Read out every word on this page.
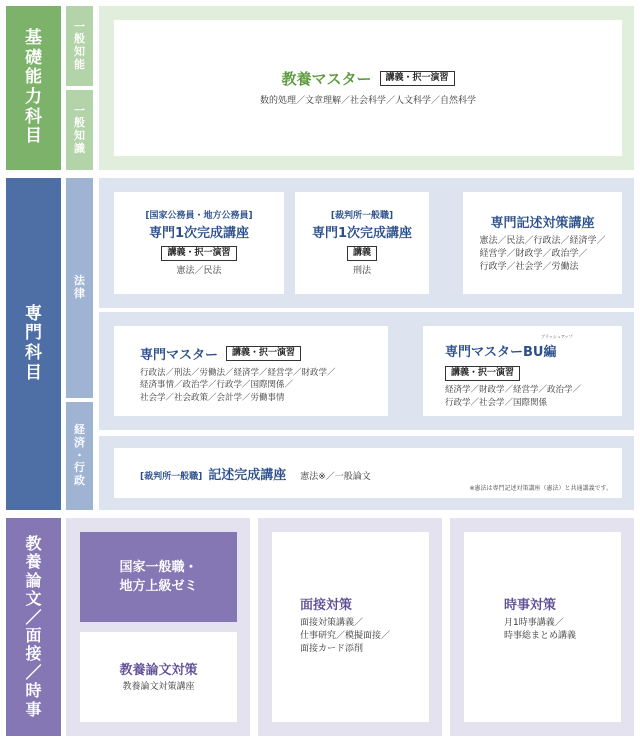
基
礎
能
力
科
目
一
般
知
能
一
般
知
識
教養マスター	講義・択一演習
数的処理／文章理解／社会科学／人文科学／自然科学
専
門
科
目
法
律
経
済
・
行
政
[国家公務員・地方公務員]
専門1次完成講座
講義・択一演習
憲法／民法
[裁判所一般職]
専門1次完成講座
講義
刑法
専門記述対策講座
憲法／民法／行政法／経済学／
経営学／財政学／政治学／
行政学／社会学／労働法
専門マスター	講義・択一演習
行政法／刑法／労働法／経済学／経営学／財政学／
経済事情／政治学／行政学／国際関係／
社会学／社会政策／会計学／労働事情
ブラッシュアップ
専門マスターBU編
講義・択一演習
経済学／財政学／経営学／政治学／
行政学／社会学／国際関係
[裁判所一般職] 記述完成講座 憲法※／一般論文
※憲法は専門記述対策講座（憲法）と共通講義です。
教
養
論
文
／
面
接
／
時
事
国家一般職・
地方上級ゼミ
教養論文対策
教養論文対策講座
面接対策
面接対策講義／
仕事研究／模擬面接／
面接カード添削
時事対策
月1時事講義／
時事総まとめ講義
